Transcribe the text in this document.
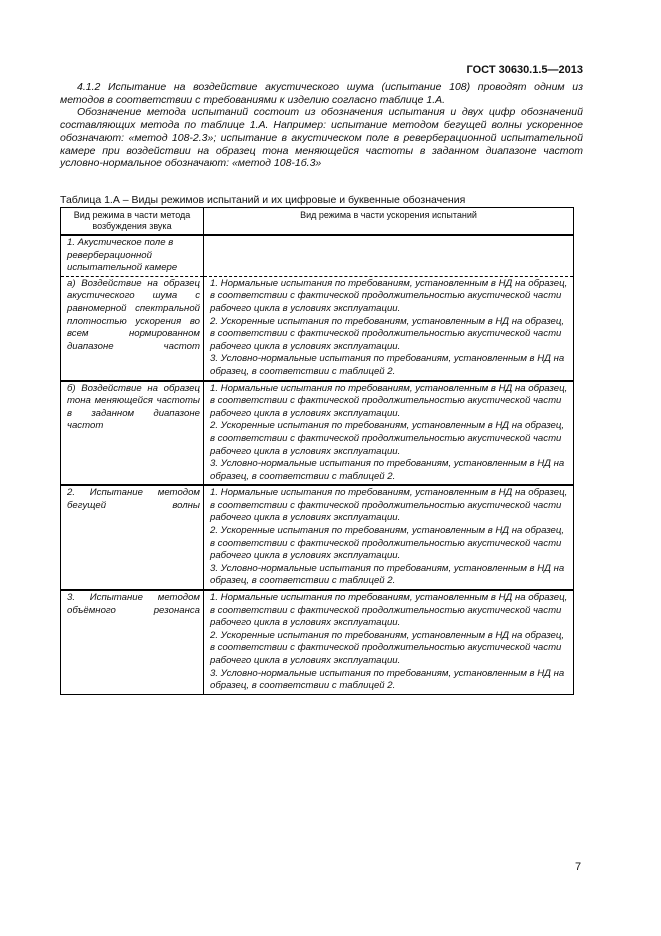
ГОСТ 30630.1.5—2013

4.1.2 Испытание на воздействие акустического шума (испытание 108) проводят одним из методов в соответствии с требованиями к изделию согласно таблице 1.А.

Обозначение метода испытаний состоит из обозначения испытания и двух цифр обозначений составляющих метода по таблице 1.А. Например: испытание методом бегущей волны ускоренное обозначают: «метод 108-2.3»; испытание в акустическом поле в реверберационной испытательной камере при воздействии на образец тона меняющейся частоты в заданном диапазоне частот условно-нормальное обозначают: «метод 108-1б.3»

Таблица 1.А – Виды режимов испытаний и их цифровые и буквенные обозначения
Вид режима в части метода возбуждения звука	Вид режима в части ускорения испытаний
1. Акустическое поле в реверберационной испытательной камере	
а) Воздействие на образец акустического шума с равномерной спектральной плотностью ускорения во всем нормированном диапазоне частот	1. Нормальные испытания по требованиям, установленным в НД на образец, в соответствии с фактической продолжительностью акустической части рабочего цикла в условиях эксплуатации.

2. Ускоренные испытания по требованиям, установленным в НД на образец, в соответствии с фактической продолжительностью акустической части рабочего цикла в условиях эксплуатации.

3. Условно-нормальные испытания по требованиям, установленным в НД на образец, в соответствии с таблицей 2.

б) Воздействие на образец тона меняющейся частоты в заданном диапазоне частот	1. Нормальные испытания по требованиям, установленным в НД на образец, в соответствии с фактической продолжительностью акустической части рабочего цикла в условиях эксплуатации.

2. Ускоренные испытания по требованиям, установленным в НД на образец, в соответствии с фактической продолжительностью акустической части рабочего цикла в условиях эксплуатации.

3. Условно-нормальные испытания по требованиям, установленным в НД на образец, в соответствии с таблицей 2.

2. Испытание методом бегущей волны	1. Нормальные испытания по требованиям, установленным в НД на образец, в соответствии с фактической продолжительностью акустической части рабочего цикла в условиях эксплуатации.

2. Ускоренные испытания по требованиям, установленным в НД на образец, в соответствии с фактической продолжительностью акустической части рабочего цикла в условиях эксплуатации.

3. Условно-нормальные испытания по требованиям, установленным в НД на образец, в соответствии с таблицей 2.

3. Испытание методом объёмного резонанса	1. Нормальные испытания по требованиям, установленным в НД на образец, в соответствии с фактической продолжительностью акустической части рабочего цикла в условиях эксплуатации.

2. Ускоренные испытания по требованиям, установленным в НД на образец, в соответствии с фактической продолжительностью акустической части рабочего цикла в условиях эксплуатации.

3. Условно-нормальные испытания по требованиям, установленным в НД на образец, в соответствии с таблицей 2.

7
